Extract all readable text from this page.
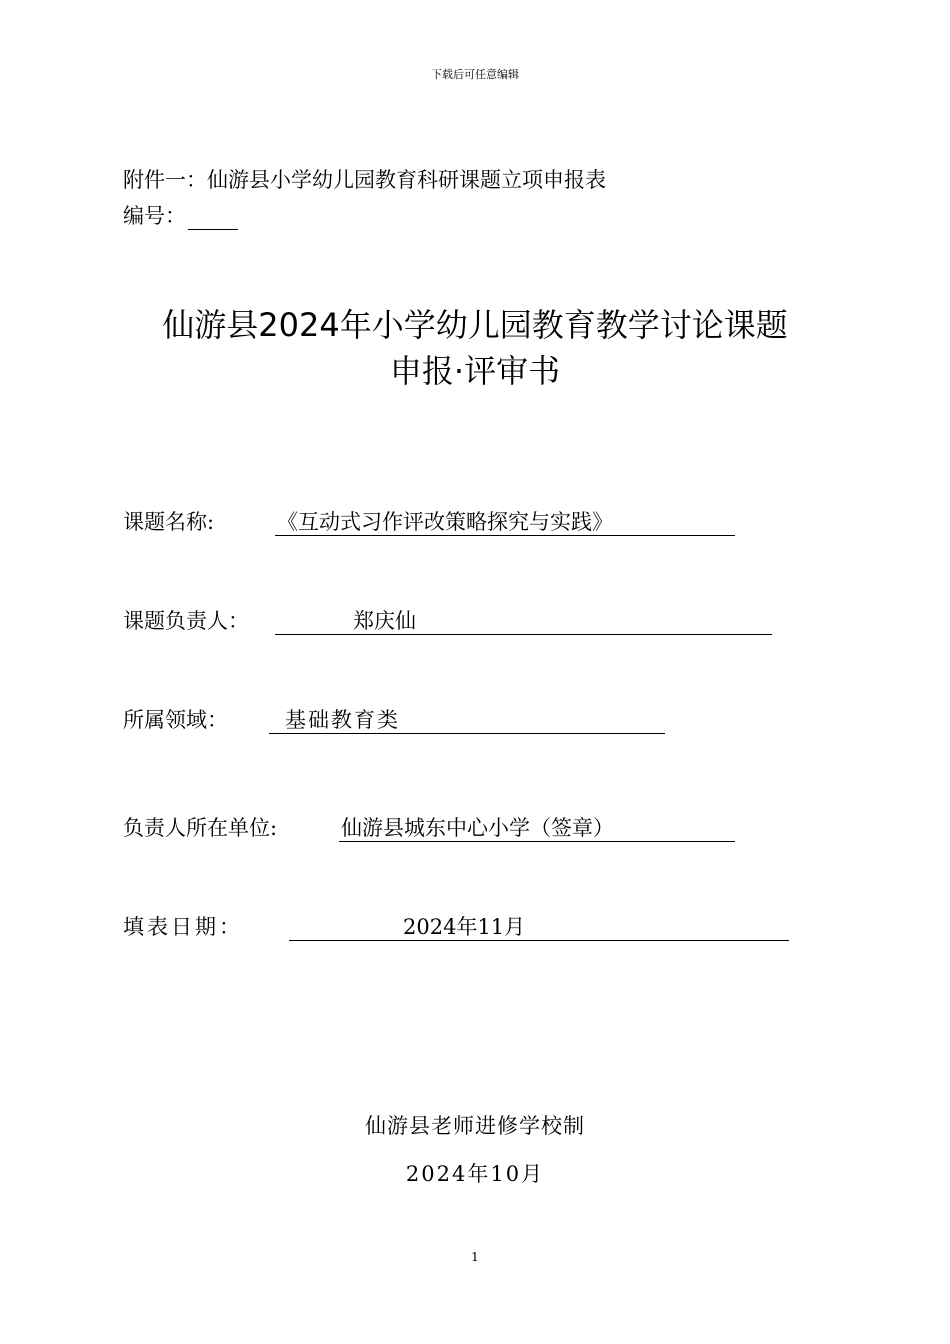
下载后可任意编辑
附件一：仙游县小学幼儿园教育科研课题立项申报表
编号：
仙游县2024年小学幼儿园教育教学讨论课题
申报·评审书
课题名称:	《互动式习作评改策略探究与实践》
课题负责人：	郑庆仙
所属领域：	基础教育类
负责人所在单位:	仙游县城东中心小学（签章）
填表日期：	2024年11月
仙游县老师进修学校制
2024年10月
1
